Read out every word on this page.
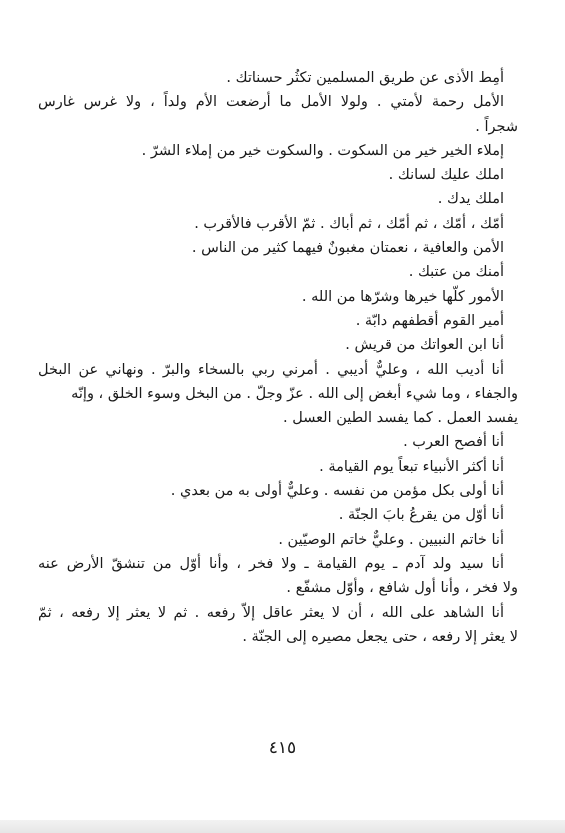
أمِط الأذى عن طريق المسلمين تكثُر حسناتك .

الأمل رحمة لأمتي . ولولا الأمل ما أرضعت الأم ولداً ، ولا غرس غارس
شجراً .

إملاء الخير خير من السكوت . والسكوت خير من إملاء الشرّ .

املك عليك لسانك .

املك يدك .

أمّك ، أمّك ، ثم أمّك ، ثم أباك . ثمّ الأقرب فالأقرب .

الأمن والعافية ، نعمتان مغبونٌ فيهما كثير من الناس .

أمنك من عتبك .

الأمور كلّها خيرها وشرّها من الله .

أمير القوم أقطفهم دابّة .

أنا ابن العواتك من قريش .

أنا أديب الله ، وعليٌّ أديبي . أمرني ربي بالسخاء والبرّ . ونهاني عن البخل
والجفاء ، وما شيء أبغض إلى الله . عزّ وجلّ . من البخل وسوء الخلق ، وإنّه يفسد العمل . كما يفسد الطين العسل .

أنا أفصح العرب .

أنا أكثر الأنبياء تبعاً يوم القيامة .

أنا أولى بكل مؤمن من نفسه . وعليٌّ أولى به من بعدي .

أنا أوّل من يقرعُ بابَ الجنّة .

أنا خاتم النبيين . وعليٌّ خاتم الوصيّين .

أنا سيد ولد آدم ـ يوم القيامة ـ ولا فخر ، وأنا أوّل من تنشقّ الأرض عنه
ولا فخر ، وأنا أول شافع ، وأوّل مشفّع .

أنا الشاهد على الله ، أن لا يعثر عاقل إلاّ رفعه . ثم لا يعثر إلا رفعه ، ثمّ
لا يعثر إلا رفعه ، حتى يجعل مصيره إلى الجنّة .

٤١٥
